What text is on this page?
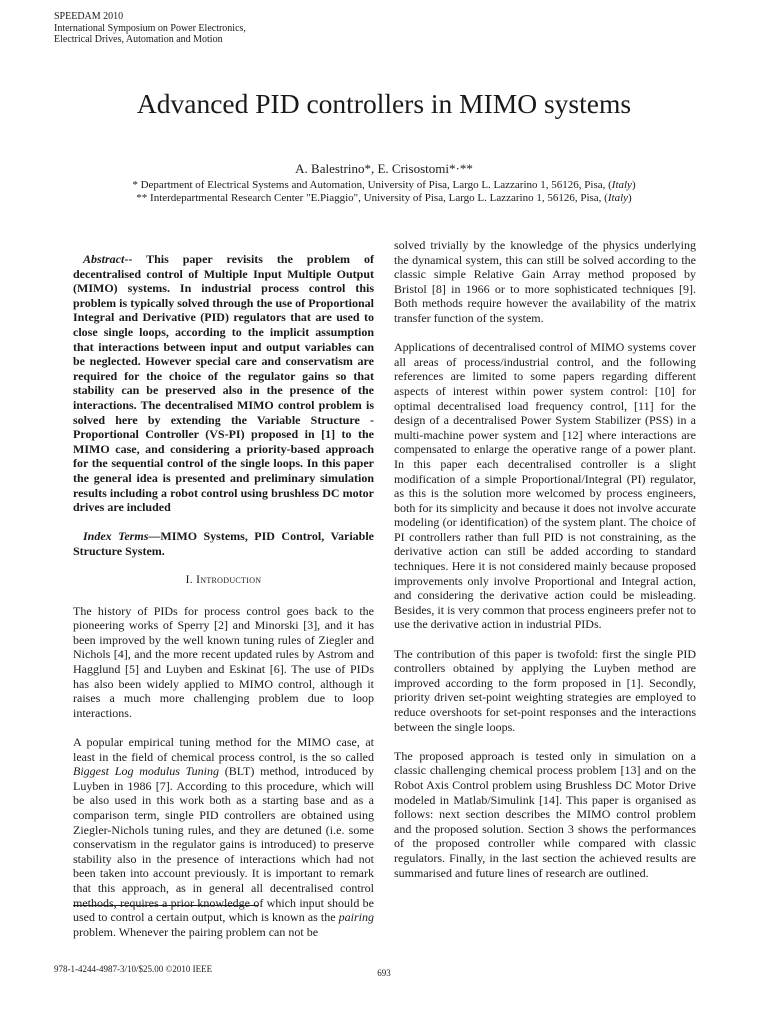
SPEEDAM 2010
International Symposium on Power Electronics,
Electrical Drives, Automation and Motion
Advanced PID controllers in MIMO systems
A. Balestrino*, E. Crisostomi*·**
* Department of Electrical Systems and Automation, University of Pisa, Largo L. Lazzarino 1, 56126, Pisa, (Italy)
** Interdepartmental Research Center "E.Piaggio", University of Pisa, Largo L. Lazzarino 1, 56126, Pisa, (Italy)

Abstract-- This paper revisits the problem of decentralised control of Multiple Input Multiple Output (MIMO) systems. In industrial process control this problem is typically solved through the use of Proportional Integral and Derivative (PID) regulators that are used to close single loops, according to the implicit assumption that interactions between input and output variables can be neglected. However special care and conservatism are required for the choice of the regulator gains so that stability can be preserved also in the presence of the interactions. The decentralised MIMO control problem is solved here by extending the Variable Structure - Proportional Controller (VS-PI) proposed in [1] to the MIMO case, and considering a priority-based approach for the sequential control of the single loops. In this paper the general idea is presented and preliminary simulation results including a robot control using brushless DC motor drives are included

Index Terms—MIMO Systems, PID Control, Variable Structure System.

I. Introduction

The history of PIDs for process control goes back to the pioneering works of Sperry [2] and Minorski [3], and it has been improved by the well known tuning rules of Ziegler and Nichols [4], and the more recent updated rules by Astrom and Hagglund [5] and Luyben and Eskinat [6]. The use of PIDs has also been widely applied to MIMO control, although it raises a much more challenging problem due to loop interactions.

A popular empirical tuning method for the MIMO case, at least in the field of chemical process control, is the so called Biggest Log modulus Tuning (BLT) method, introduced by Luyben in 1986 [7]. According to this procedure, which will be also used in this work both as a starting base and as a comparison term, single PID controllers are obtained using Ziegler-Nichols tuning rules, and they are detuned (i.e. some conservatism in the regulator gains is introduced) to preserve stability also in the presence of interactions which had not been taken into account previously. It is important to remark that this approach, as in general all decentralised control methods, requires a prior knowledge of which input should be used to control a certain output, which is known as the pairing problem. Whenever the pairing problem can not be

solved trivially by the knowledge of the physics underlying the dynamical system, this can still be solved according to the classic simple Relative Gain Array method proposed by Bristol [8] in 1966 or to more sophisticated techniques [9]. Both methods require however the availability of the matrix transfer function of the system.

Applications of decentralised control of MIMO systems cover all areas of process/industrial control, and the following references are limited to some papers regarding different aspects of interest within power system control: [10] for optimal decentralised load frequency control, [11] for the design of a decentralised Power System Stabilizer (PSS) in a multi-machine power system and [12] where interactions are compensated to enlarge the operative range of a power plant. In this paper each decentralised controller is a slight modification of a simple Proportional/Integral (PI) regulator, as this is the solution more welcomed by process engineers, both for its simplicity and because it does not involve accurate modeling (or identification) of the system plant. The choice of PI controllers rather than full PID is not constraining, as the derivative action can still be added according to standard techniques. Here it is not considered mainly because proposed improvements only involve Proportional and Integral action, and considering the derivative action could be misleading. Besides, it is very common that process engineers prefer not to use the derivative action in industrial PIDs.

The contribution of this paper is twofold: first the single PID controllers obtained by applying the Luyben method are improved according to the form proposed in [1]. Secondly, priority driven set-point weighting strategies are employed to reduce overshoots for set-point responses and the interactions between the single loops.

The proposed approach is tested only in simulation on a classic challenging chemical process problem [13] and on the Robot Axis Control problem using Brushless DC Motor Drive modeled in Matlab/Simulink [14]. This paper is organised as follows: next section describes the MIMO control problem and the proposed solution. Section 3 shows the performances of the proposed controller while compared with classic regulators. Finally, in the last section the achieved results are summarised and future lines of research are outlined.

978-1-4244-4987-3/10/$25.00 ©2010 IEEE	693
